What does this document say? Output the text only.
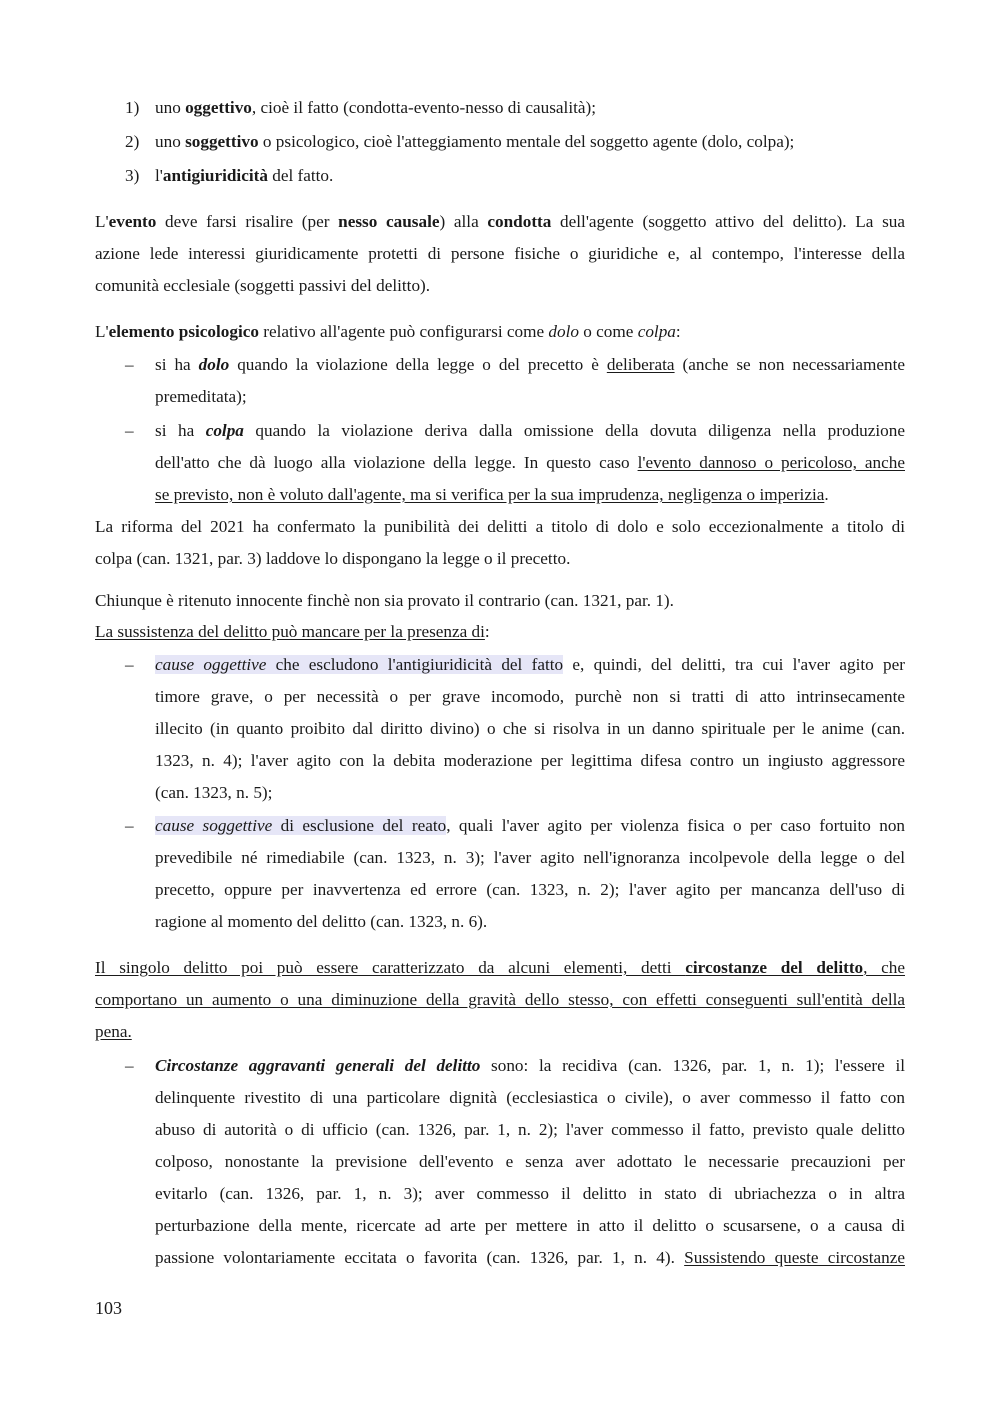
1) uno oggettivo, cioè il fatto (condotta-evento-nesso di causalità);
2) uno soggettivo o psicologico, cioè l'atteggiamento mentale del soggetto agente (dolo, colpa);
3) l'antigiuridicità del fatto.
L'evento deve farsi risalire (per nesso causale) alla condotta dell'agente (soggetto attivo del delitto). La sua
azione lede interessi giuridicamente protetti di persone fisiche o giuridiche e, al contempo, l'interesse della
comunità ecclesiale (soggetti passivi del delitto).
L'elemento psicologico relativo all'agente può configurarsi come dolo o come colpa:
– si ha dolo quando la violazione della legge o del precetto è deliberata (anche se non necessariamente
premeditata);
– si ha colpa quando la violazione deriva dalla omissione della dovuta diligenza nella produzione
dell'atto che dà luogo alla violazione della legge. In questo caso l'evento dannoso o pericoloso, anche
se previsto, non è voluto dall'agente, ma si verifica per la sua imprudenza, negligenza o imperizia.
La riforma del 2021 ha confermato la punibilità dei delitti a titolo di dolo e solo eccezionalmente a titolo di
colpa (can. 1321, par. 3) laddove lo dispongano la legge o il precetto.
Chiunque è ritenuto innocente finchè non sia provato il contrario (can. 1321, par. 1).
La sussistenza del delitto può mancare per la presenza di:
– cause oggettive che escludono l'antigiuridicità del fatto e, quindi, del delitti, tra cui l'aver agito per
timore grave, o per necessità o per grave incomodo, purchè non si tratti di atto intrinsecamente
illecito (in quanto proibito dal diritto divino) o che si risolva in un danno spirituale per le anime (can.
1323, n. 4); l'aver agito con la debita moderazione per legittima difesa contro un ingiusto aggressore
(can. 1323, n. 5);
– cause soggettive di esclusione del reato, quali l'aver agito per violenza fisica o per caso fortuito non
prevedibile né rimediabile (can. 1323, n. 3); l'aver agito nell'ignoranza incolpevole della legge o del
precetto, oppure per inavvertenza ed errore (can. 1323, n. 2); l'aver agito per mancanza dell'uso di
ragione al momento del delitto (can. 1323, n. 6).
Il singolo delitto poi può essere caratterizzato da alcuni elementi, detti circostanze del delitto, che
comportano un aumento o una diminuzione della gravità dello stesso, con effetti conseguenti sull'entità della
pena.
– Circostanze aggravanti generali del delitto sono: la recidiva (can. 1326, par. 1, n. 1); l'essere il
delinquente rivestito di una particolare dignità (ecclesiastica o civile), o aver commesso il fatto con
abuso di autorità o di ufficio (can. 1326, par. 1, n. 2); l'aver commesso il fatto, previsto quale delitto
colposo, nonostante la previsione dell'evento e senza aver adottato le necessarie precauzioni per
evitarlo (can. 1326, par. 1, n. 3); aver commesso il delitto in stato di ubriachezza o in altra
perturbazione della mente, ricercate ad arte per mettere in atto il delitto o scusarsene, o a causa di
passione volontariamente eccitata o favorita (can. 1326, par. 1, n. 4). Sussistendo queste circostanze
103
